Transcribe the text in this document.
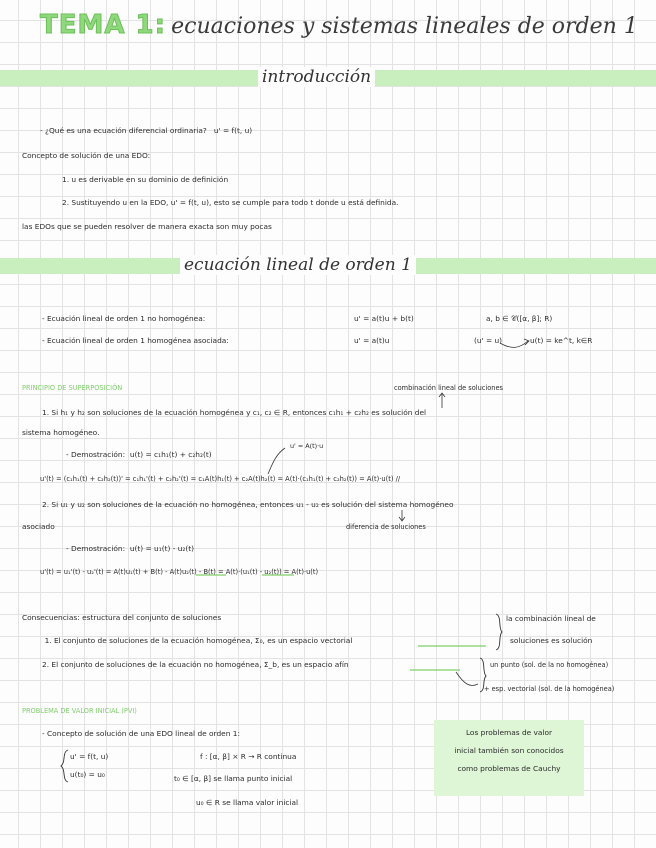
TEMA 1: ecuaciones y sistemas lineales de orden 1
introducción
- ¿Qué es una ecuación diferencial ordinaria? u' = f(t, u)
Concepto de solución de una EDO:
1. u es derivable en su dominio de definición
2. Sustituyendo u en la EDO, u' = f(t, u), esto se cumple para todo t donde u está definida.
las EDOs que se pueden resolver de manera exacta son muy pocas
ecuación lineal de orden 1
- Ecuación lineal de orden 1 no homogénea:	u' = a(t)u + b(t)	a, b ∈ 𝒞([α, β]; R)
- Ecuación lineal de orden 1 homogénea asociada:	u' = a(t)u	(u' = u)	u(t) = ke^t, k∈R
PRINCIPIO DE SUPERPOSICIÓN	combinación lineal de soluciones
1. Si h₁ y h₂ son soluciones de la ecuación homogénea y c₁, c₂ ∈ R, entonces c₁h₁ + c₂h₂ es solución del
sistema homogéneo.
u' = A(t)·u
- Demostración: u(t) = c₁h₁(t) + c₂h₂(t)
u'(t) = (c₁h₁(t) + c₂h₂(t))' = c₁h₁'(t) + c₂h₂'(t) = c₁A(t)h₁(t) + c₂A(t)h₂(t) = A(t)·(c₁h₁(t) + c₂h₂(t)) = A(t)·u(t) //
2. Si u₁ y u₂ son soluciones de la ecuación no homogénea, entonces u₁ - u₂ es solución del sistema homogéneo
asociado	diferencia de soluciones
- Demostración: u(t) = u₁(t) - u₂(t)
u'(t) = u₁'(t) - u₂'(t) = A(t)u₁(t) + B(t) - A(t)u₂(t) - B(t) = A(t)·(u₁(t) - u₂(t)) = A(t)·u(t)
Consecuencias: estructura del conjunto de soluciones
1. El conjunto de soluciones de la ecuación homogénea, Σ₀, es un espacio vectorial
la combinación lineal de
soluciones es solución
2. El conjunto de soluciones de la ecuación no homogénea, Σ_b, es un espacio afín	un punto (sol. de la no homogénea)
+ esp. vectorial (sol. de la homogénea)
PROBLEMA DE VALOR INICIAL (PVI)
- Concepto de solución de una EDO lineal de orden 1:
u' = f(t, u)
u(t₀) = u₀
f : [α, β] × R → R continua
t₀ ∈ [α, β] se llama punto inicial
u₀ ∈ R se llama valor inicial
Los problemas de valor
inicial también son conocidos
como problemas de Cauchy
